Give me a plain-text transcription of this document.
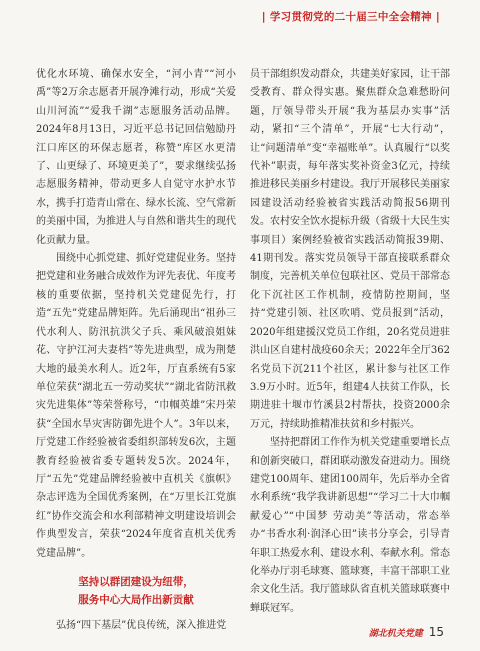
| 学习贯彻党的二十届三中全会精神 |

优化水环境、确保水安全，“河小青”“河小禹”等2万余志愿者开展净滩行动，形成“关爱山川河流”“爱我千湖”志愿服务活动品牌。2024年8月13日，习近平总书记回信勉励丹江口库区的环保志愿者，称赞“库区水更清了、山更绿了、环境更美了”，要求继续弘扬志愿服务精神，带动更多人自觉守水护水节水，携手打造青山常在、绿水长流、空气常新的美丽中国，为推进人与自然和谐共生的现代化贡献力量。

围绕中心抓党建、抓好党建促业务。坚持把党建和业务融合成效作为评先表优、年度考核的重要依据，坚持机关党建促先行，打造“五先”党建品牌矩阵。先后涌现出“祖孙三代水利人、防汛抗洪父子兵、乘风破浪姐妹花、守护江河夫妻档”等先进典型，成为荆楚大地的最美水利人。近2年，厅直系统有5家单位荣获“湖北五一劳动奖状”“湖北省防汛救灾先进集体”等荣誉称号，“巾帼英雄”宋丹荣获“全国水旱灾害防御先进个人”。3年以来，厅党建工作经验被省委组织部转发6次，主题教育经验被省委专题转发5次。2024年，厅“五先”党建品牌经验被中直机关《旗帜》杂志评选为全国优秀案例，在“万里长江党旗红”协作交流会和水利部精神文明建设培训会作典型发言，荣获“2024年度省直机关优秀党建品牌”。

坚持以群团建设为纽带，
服务中心大局作出新贡献

弘扬“四下基层”优良传统，深入推进党

员干部组织发动群众，共建美好家园，让干部受教育、群众得实惠。聚焦群众急难愁盼问题，厅领导带头开展“我为基层办实事”活动，紧扣“三个清单”，开展“七大行动”，让“问题清单”变“幸福账单”。认真履行“以奖代补”职责，每年落实奖补资金3亿元，持续推进移民美丽乡村建设。我厅开展移民美丽家园建设活动经验被省实践活动简报56期刊发。农村安全饮水提标升级（省级十大民生实事项目）案例经验被省实践活动简报39期、41期刊发。落实党员领导干部直接联系群众制度，完善机关单位包联社区、党员干部常态化下沉社区工作机制，疫情防控期间，坚持“党建引领、社区吹哨、党员报到”活动，2020年组建援汉党员工作组，20名党员进驻洪山区自建村战疫60余天；2022年全厅362名党员下沉211个社区，累计参与社区工作3.9万小时。近5年，组建4人扶贫工作队，长期进驻十堰市竹溪县2村帮扶，投资2000余万元，持续助推精准扶贫和乡村振兴。

坚持把群团工作作为机关党建重要增长点和创新突破口，群团联动激发奋进动力。围绕建党100周年、建团100周年，先后举办全省水利系统“我学我讲新思想”“学习二十大巾帼献爱心”“中国梦 劳动美”等活动，常态举办“书香水利·润泽心田”读书分享会，引导青年职工热爱水利、建设水利、奉献水利。常态化举办厅羽毛球赛、篮球赛，丰富干部职工业余文化生活。我厅篮球队省直机关篮球联赛中蝉联冠军。

湖北机关党建 15
